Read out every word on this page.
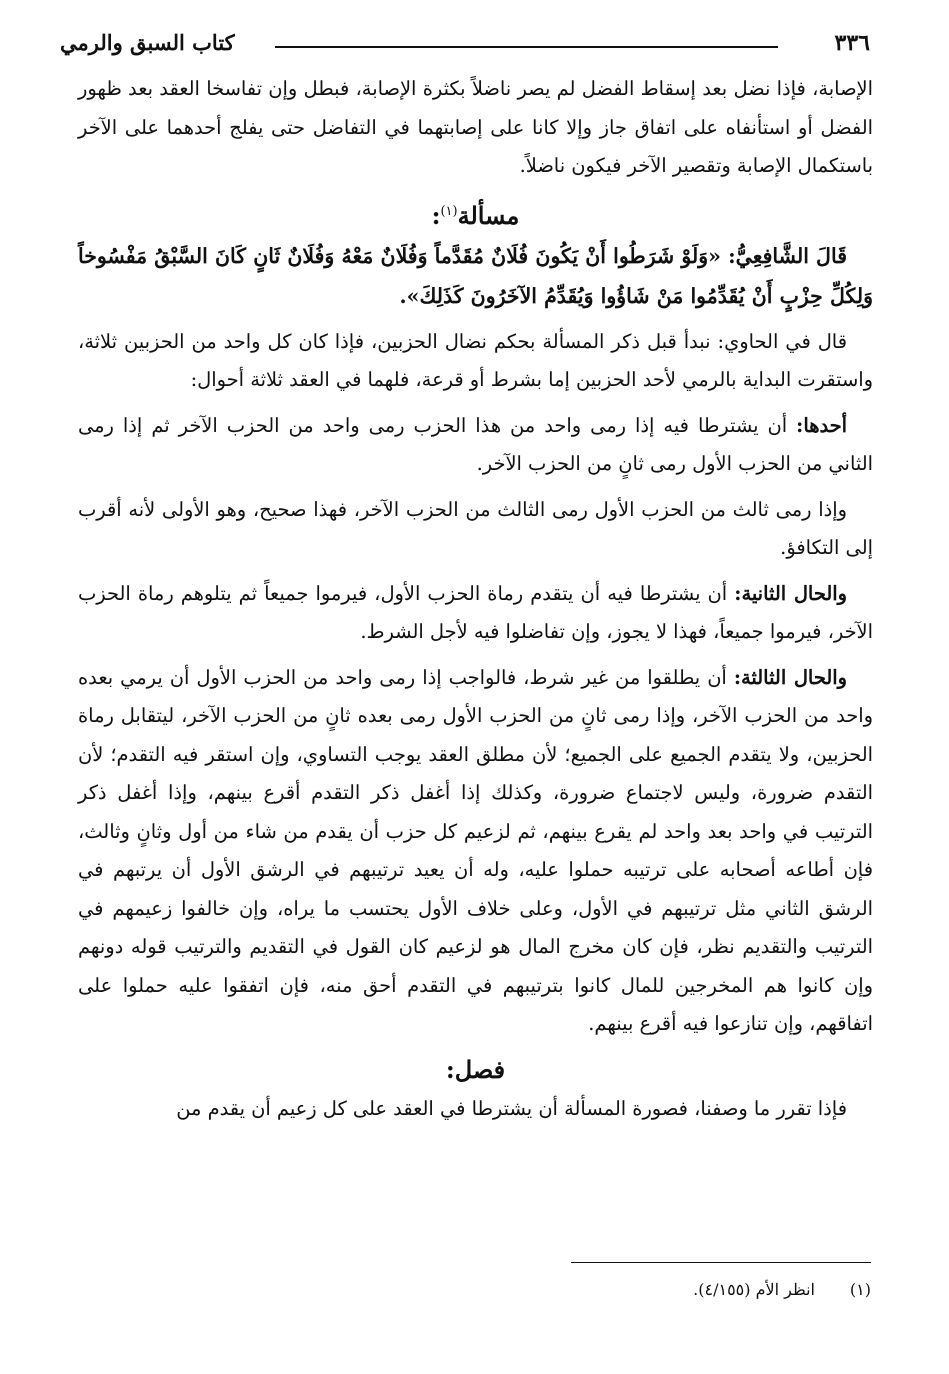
٣٣٦
كتاب السبق والرمي

الإصابة، فإذا نضل بعد إسقاط الفضل لم يصر ناضلاً بكثرة الإصابة، فبطل وإن تفاسخا العقد بعد ظهور الفضل أو استأنفاه على اتفاق جاز وإلا كانا على إصابتهما في التفاضل حتى يفلج أحدهما على الآخر باستكمال الإصابة وتقصير الآخر فيكون ناضلاً.

مسألة$^{(١)}$:

قَالَ الشَّافِعِيُّ: «وَلَوْ شَرَطُوا أَنْ يَكُونَ فُلَانٌ مُقَدَّماً وَفُلَانٌ مَعْهُ وَفُلَانٌ ثَانٍ كَانَ السَّبْقُ مَفْسُوخاً وَلِكُلِّ حِزْبٍ أَنْ يُقَدِّمُوا مَنْ شَاؤُوا وَيُقَدِّمُ الآخَرُونَ كَذَلِكَ».

قال في الحاوي: نبدأ قبل ذكر المسألة بحكم نضال الحزبين، فإذا كان كل واحد من الحزبين ثلاثة، واستقرت البداية بالرمي لأحد الحزبين إما بشرط أو قرعة، فلهما في العقد ثلاثة أحوال:

أحدها: أن يشترطا فيه إذا رمى واحد من هذا الحزب رمى واحد من الحزب الآخر ثم إذا رمى الثاني من الحزب الأول رمى ثانٍ من الحزب الآخر.

وإذا رمى ثالث من الحزب الأول رمى الثالث من الحزب الآخر، فهذا صحيح، وهو الأولى لأنه أقرب إلى التكافؤ.

والحال الثانية: أن يشترطا فيه أن يتقدم رماة الحزب الأول، فيرموا جميعاً ثم يتلوهم رماة الحزب الآخر، فيرموا جميعاً، فهذا لا يجوز، وإن تفاضلوا فيه لأجل الشرط.

والحال الثالثة: أن يطلقوا من غير شرط، فالواجب إذا رمى واحد من الحزب الأول أن يرمي بعده واحد من الحزب الآخر، وإذا رمى ثانٍ من الحزب الأول رمى بعده ثانٍ من الحزب الآخر، ليتقابل رماة الحزبين، ولا يتقدم الجميع على الجميع؛ لأن مطلق العقد يوجب التساوي، وإن استقر فيه التقدم؛ لأن التقدم ضرورة، وليس لاجتماع ضرورة، وكذلك إذا أغفل ذكر التقدم أقرع بينهم، وإذا أغفل ذكر الترتيب في واحد بعد واحد لم يقرع بينهم، ثم لزعيم كل حزب أن يقدم من شاء من أول وثانٍ وثالث، فإن أطاعه أصحابه على ترتيبه حملوا عليه، وله أن يعيد ترتيبهم في الرشق الأول أن يرتبهم في الرشق الثاني مثل ترتيبهم في الأول، وعلى خلاف الأول يحتسب ما يراه، وإن خالفوا زعيمهم في الترتيب والتقديم نظر، فإن كان مخرج المال هو لزعيم كان القول في التقديم والترتيب قوله دونهم وإن كانوا هم المخرجين للمال كانوا بترتيبهم في التقدم أحق منه، فإن اتفقوا عليه حملوا على اتفاقهم، وإن تنازعوا فيه أقرع بينهم.

فصل:

فإذا تقرر ما وصفنا، فصورة المسألة أن يشترطا في العقد على كل زعيم أن يقدم من

(١)انظر الأم (٤/١٥٥).
